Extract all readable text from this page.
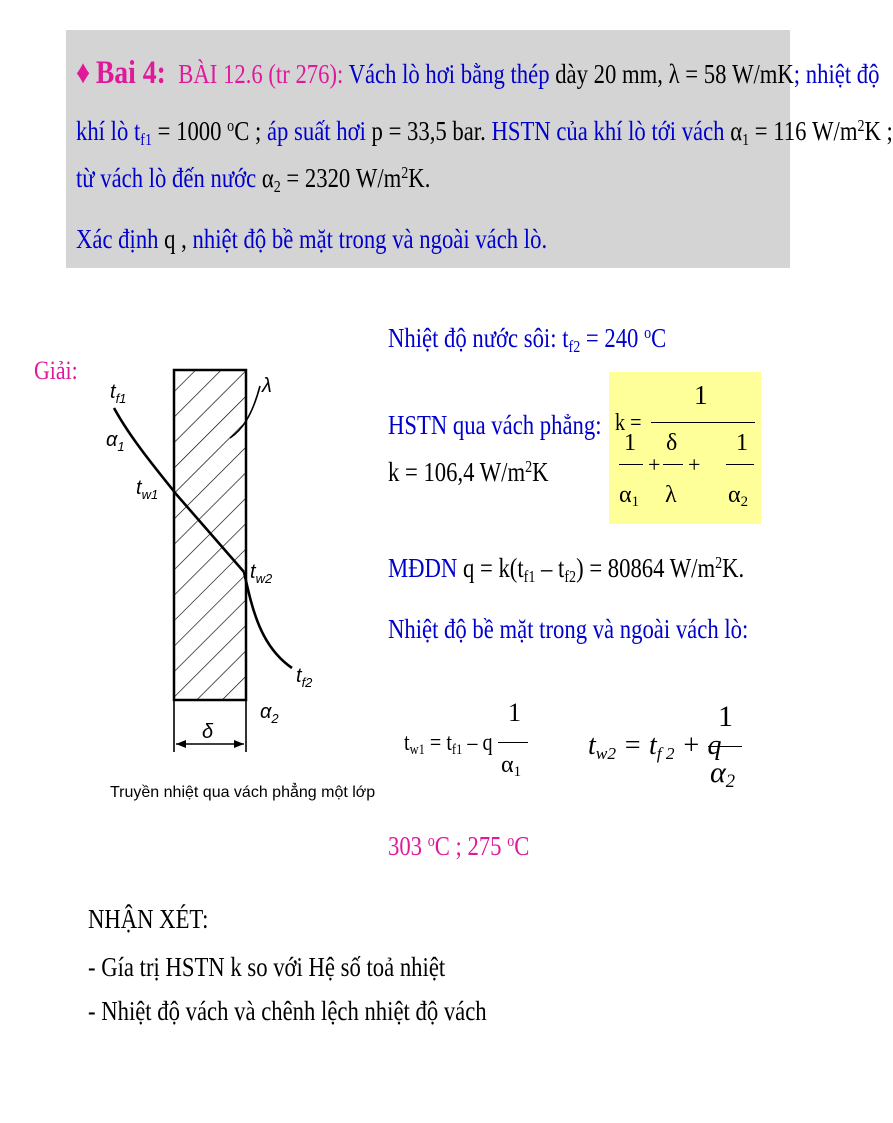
♦ Bai 4: BÀI 12.6 (tr 276): Vách lò hơi bằng thép dày 20 mm, λ = 58 W/mK; nhiệt độ
khí lò $t_{f1} = 1000$ $^o$C ; áp suất hơi p = 33,5 bar. HSTN của khí lò tới vách $\alpha_1 = 116$ $W/m^2K$ ;
từ vách lò đến nước $\alpha_2 = 2320$ $W/m^2K$.
Xác định q , nhiệt độ bề mặt trong và ngoài vách lò.
Giải:
$t_{f1}$
$\alpha_1$
$t_{w1}$
$t_{w2}$
$t_{f2}$
$\alpha_2$
λ
δ
Truyền nhiệt qua vách phẳng một lớp
Nhiệt độ nước sôi: $t_{f2} = 240$ $^o$C
HSTN qua vách phẳng:
k = 106,4 $W/m^2K$
k =
1
1
$\alpha_1$
+
δ
λ
+
1
$\alpha_2$
MĐDN $q = k(t_{f1} - t_{f2}) = 80864$ $W/m^2K$.
Nhiệt độ bề mặt trong và ngoài vách lò:
$t_{w1} = t_{f1} - q$
1
$\alpha_1$
$t_{w2} = t_{f 2} + q$
1
$\alpha_2$
303 $^o$C ; 275 $^o$C
NHẬN XÉT:
- Gía trị HSTN k so với Hệ số toả nhiệt
- Nhiệt độ vách và chênh lệch nhiệt độ vách
